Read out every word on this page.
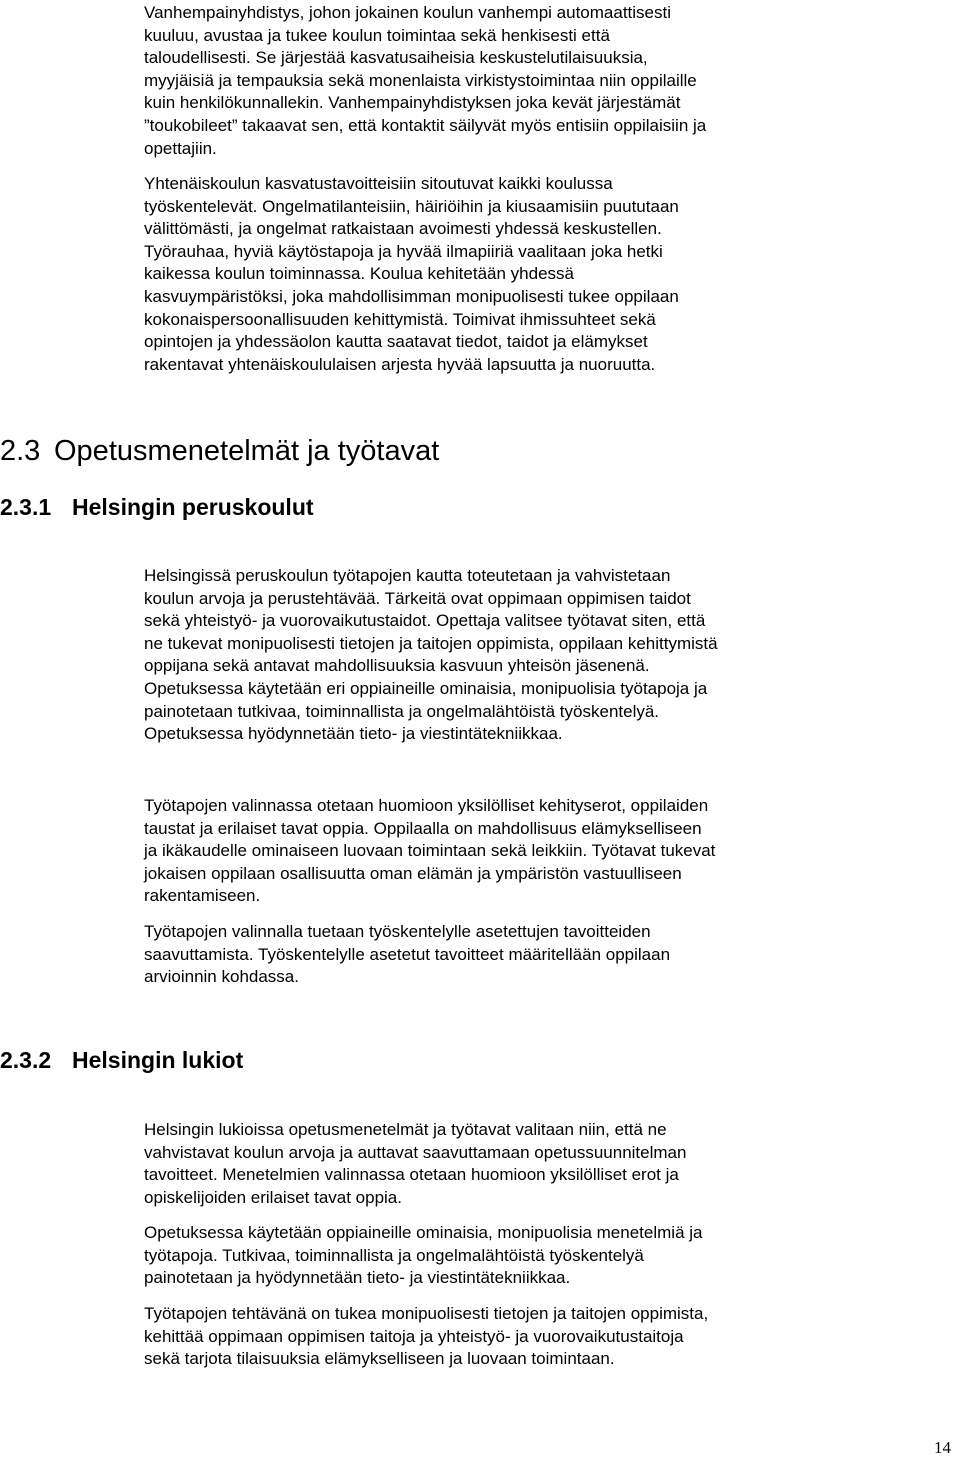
Vanhempainyhdistys, johon jokainen koulun vanhempi automaattisesti
kuuluu, avustaa ja tukee koulun toimintaa sekä henkisesti että
taloudellisesti. Se järjestää kasvatusaiheisia keskustelutilaisuuksia,
myyjäisiä ja tempauksia sekä monenlaista virkistystoimintaa niin oppilaille
kuin henkilökunnallekin. Vanhempainyhdistyksen joka kevät järjestämät
”toukobileet” takaavat sen, että kontaktit säilyvät myös entisiin oppilaisiin ja
opettajiin.

Yhtenäiskoulun kasvatustavoitteisiin sitoutuvat kaikki koulussa
työskentelevät. Ongelmatilanteisiin, häiriöihin ja kiusaamisiin puututaan
välittömästi, ja ongelmat ratkaistaan avoimesti yhdessä keskustellen.
Työrauhaa, hyviä käytöstapoja ja hyvää ilmapiiriä vaalitaan joka hetki
kaikessa koulun toiminnassa. Koulua kehitetään yhdessä
kasvuympäristöksi, joka mahdollisimman monipuolisesti tukee oppilaan
kokonaispersoonallisuuden kehittymistä. Toimivat ihmissuhteet sekä
opintojen ja yhdessäolon kautta saatavat tiedot, taidot ja elämykset
rakentavat yhtenäiskoululaisen arjesta hyvää lapsuutta ja nuoruutta.

2.3 Opetusmenetelmät ja työtavat
2.3.1 Helsingin peruskoulut

Helsingissä peruskoulun työtapojen kautta toteutetaan ja vahvistetaan
koulun arvoja ja perustehtävää. Tärkeitä ovat oppimaan oppimisen taidot
sekä yhteistyö- ja vuorovaikutustaidot. Opettaja valitsee työtavat siten, että
ne tukevat monipuolisesti tietojen ja taitojen oppimista, oppilaan kehittymistä
oppijana sekä antavat mahdollisuuksia kasvuun yhteisön jäsenenä.
Opetuksessa käytetään eri oppiaineille ominaisia, monipuolisia työtapoja ja
painotetaan tutkivaa, toiminnallista ja ongelmalähtöistä työskentelyä.
Opetuksessa hyödynnetään tieto- ja viestintätekniikkaa.

Työtapojen valinnassa otetaan huomioon yksilölliset kehityserot, oppilaiden
taustat ja erilaiset tavat oppia. Oppilaalla on mahdollisuus elämykselliseen
ja ikäkaudelle ominaiseen luovaan toimintaan sekä leikkiin. Työtavat tukevat
jokaisen oppilaan osallisuutta oman elämän ja ympäristön vastuulliseen
rakentamiseen.

Työtapojen valinnalla tuetaan työskentelylle asetettujen tavoitteiden
saavuttamista. Työskentelylle asetetut tavoitteet määritellään oppilaan
arvioinnin kohdassa.

2.3.2 Helsingin lukiot

Helsingin lukioissa opetusmenetelmät ja työtavat valitaan niin, että ne
vahvistavat koulun arvoja ja auttavat saavuttamaan opetussuunnitelman
tavoitteet. Menetelmien valinnassa otetaan huomioon yksilölliset erot ja
opiskelijoiden erilaiset tavat oppia.

Opetuksessa käytetään oppiaineille ominaisia, monipuolisia menetelmiä ja
työtapoja. Tutkivaa, toiminnallista ja ongelmalähtöistä työskentelyä
painotetaan ja hyödynnetään tieto- ja viestintätekniikkaa.

Työtapojen tehtävänä on tukea monipuolisesti tietojen ja taitojen oppimista,
kehittää oppimaan oppimisen taitoja ja yhteistyö- ja vuorovaikutustaitoja
sekä tarjota tilaisuuksia elämykselliseen ja luovaan toimintaan.

14
